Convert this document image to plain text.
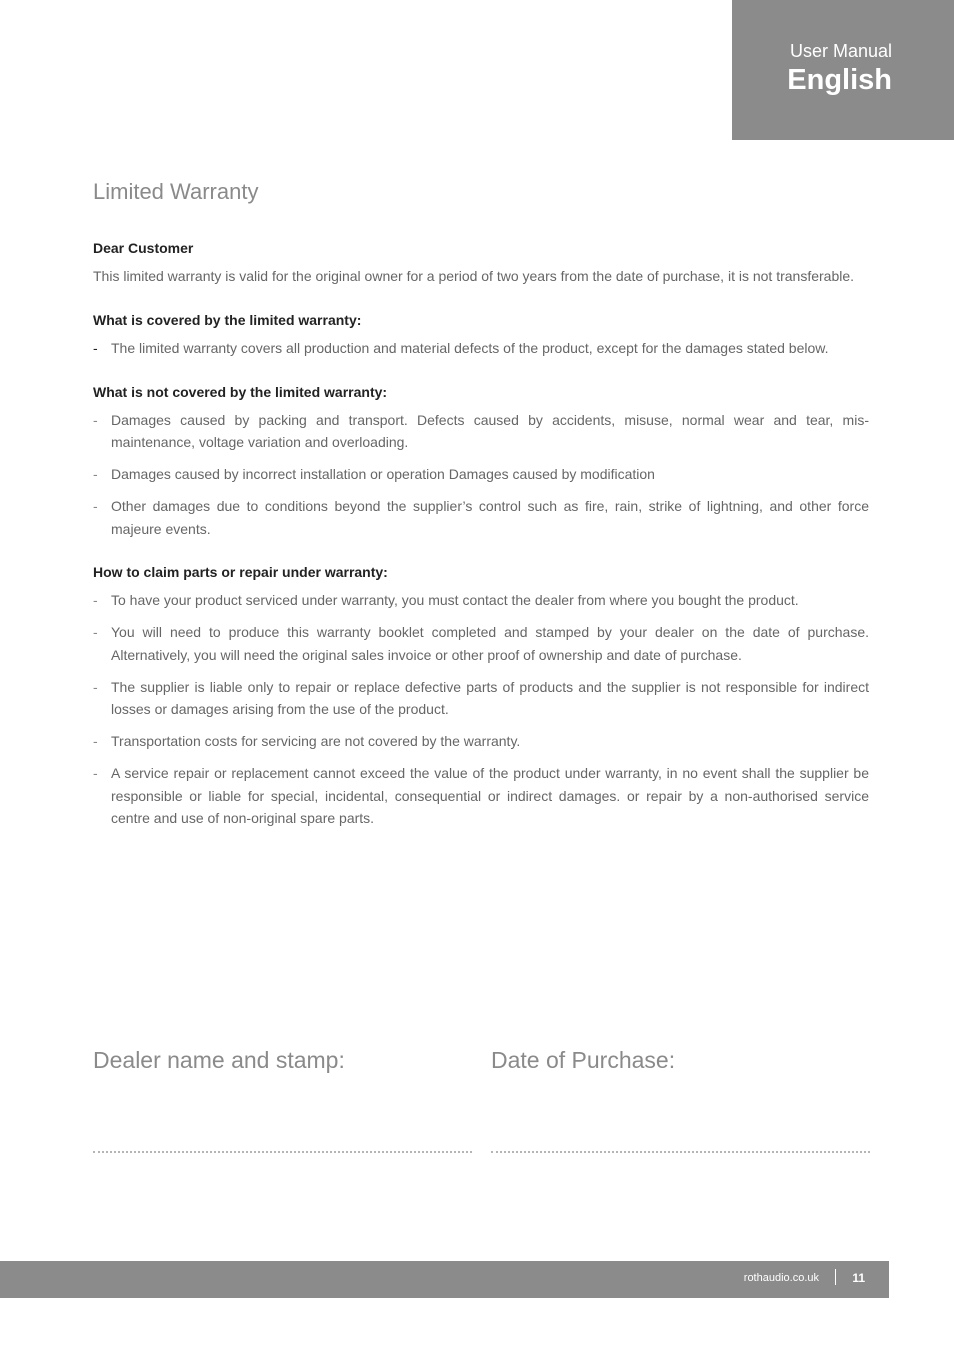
User Manual
English
Limited Warranty
Dear Customer

This limited warranty is valid for the original owner for a period of two years from the date of purchase, it is not transferable.

What is covered by the limited warranty:
- The limited warranty covers all production and material defects of the product, except for the damages stated below.
What is not covered by the limited warranty:
- Damages caused by packing and transport. Defects caused by accidents, misuse, normal wear and tear, mis-maintenance, voltage variation and overloading.
- Damages caused by incorrect installation or operation Damages caused by modification
- Other damages due to conditions beyond the supplier’s control such as fire, rain, strike of lightning, and other force majeure events.
How to claim parts or repair under warranty:
- To have your product serviced under warranty, you must contact the dealer from where you bought the product.
- You will need to produce this warranty booklet completed and stamped by your dealer on the date of purchase. Alternatively, you will need the original sales invoice or other proof of ownership and date of purchase.
- The supplier is liable only to repair or replace defective parts of products and the supplier is not responsible for indirect losses or damages arising from the use of the product.
- Transportation costs for servicing are not covered by the warranty.
- A service repair or replacement cannot exceed the value of the product under warranty, in no event shall the supplier be responsible or liable for special, incidental, consequential or indirect damages. or repair by a non-authorised service centre and use of non-original spare parts.
Dealer name and stamp:	Date of Purchase:
rothaudio.co.uk	11
